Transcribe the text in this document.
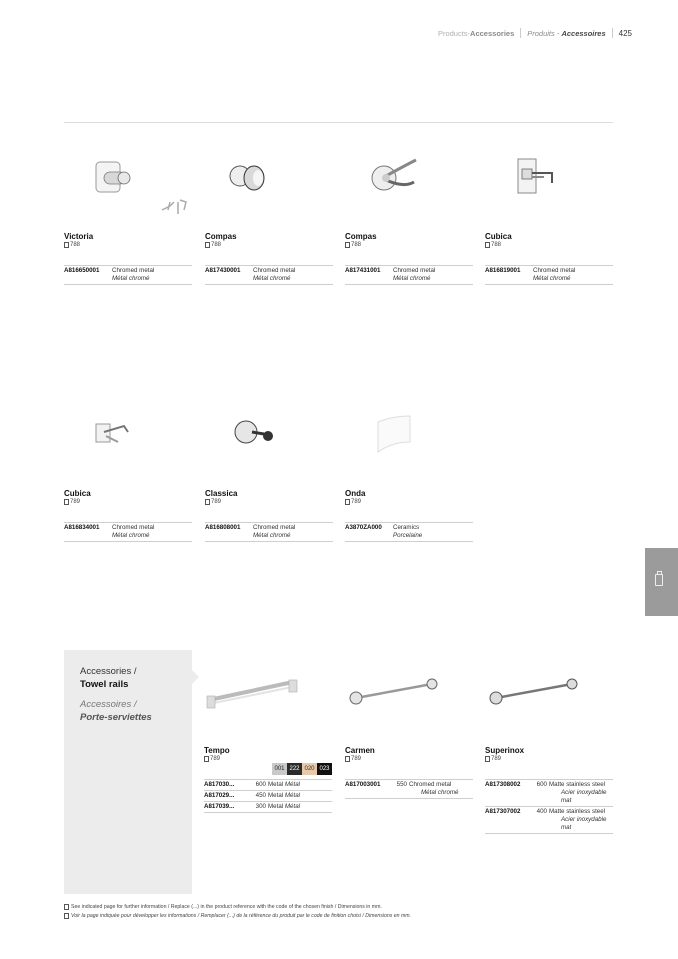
Products - Accessories Produits - Accessoires 425
Victoria
788
A816650001	Chromed metal
Métal chromé
Compas
788
A817430001	Chromed metal
Métal chromé
Compas
788
A817431001	Chromed metal
Métal chromé
Cubica
788
A816819001	Chromed metal
Métal chromé
Cubica
789
A816834001	Chromed metal
Métal chromé
Classica
789
A816808001	Chromed metal
Métal chromé
Onda
789
A3870ZA000	Ceramics
Porcelaine
Accessories /
Towel rails
Accessoires /
Porte-serviettes
Tempo
789
001 222 020 023
A817030...	600 Metal Métal
A817029...	450 Metal Métal
A817039...	300 Metal Métal
Carmen
789
A817003001	550 Chromed metal
Métal chromé
Superinox
789
A817308002	600 Matte stainless steel
Acier inoxydable mat
A817307002	400 Matte stainless steel
Acier inoxydable mat
See indicated page for further information / Replace (...) in the product reference with the code of the chosen finish / Dimensions in mm.
Voir la page indiquée pour développer les informations / Remplacer (...) de la référence du produit par le code de finition choisi / Dimensions en mm.
